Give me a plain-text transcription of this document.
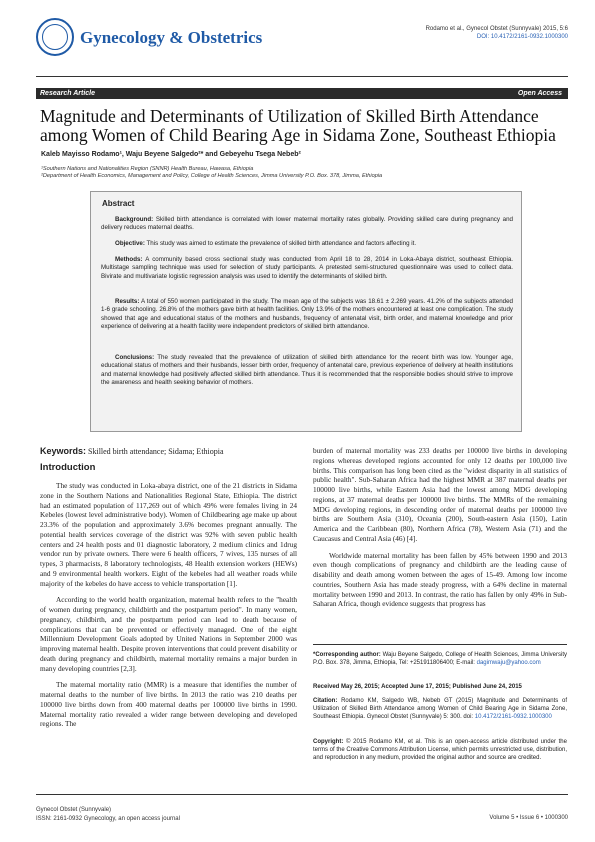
Gynecology & Obstetrics	Rodamo et al., Gynecol Obstet (Sunnyvale) 2015, 5:6
DOI: 10.4172/2161-0932.1000300
Research Article	Open Access
Magnitude and Determinants of Utilization of Skilled Birth Attendance among Women of Child Bearing Age in Sidama Zone, Southeast Ethiopia
Kaleb Mayisso Rodamo¹, Waju Beyene Salgedo²* and Gebeyehu Tsega Nebeb²
¹Southern Nations and Nationalities Region (SNNR) Health Bureau, Hawasa, Ethiopia
²Department of Health Economics, Management and Policy, College of Health Sciences, Jimma University P.O. Box. 378, Jimma, Ethiopia
Abstract

Background: Skilled birth attendance is correlated with lower maternal mortality rates globally. Providing skilled care during pregnancy and delivery reduces maternal deaths.

Objective: This study was aimed to estimate the prevalence of skilled birth attendance and factors affecting it.

Methods: A community based cross sectional study was conducted from April 18 to 28, 2014 in Loka-Abaya district, southeast Ethiopia. Multistage sampling technique was used for selection of study participants. A pretested semi-structured questionnaire was used to collect data. Bivirate and multivariate logistic regression analysis was used to identify the determinants of skilled birth.

Results: A total of 550 women participated in the study. The mean age of the subjects was 18.61 ± 2.269 years. 41.2% of the subjects attended 1-6 grade schooling. 26.8% of the mothers gave birth at health facilities. Only 13.9% of the mothers encountered at least one complication. The study showed that age and educational status of the mothers and husbands, frequency of antenatal visit, birth order, and maternal knowledge and prior experience of delivering at a health facility were independent predictors of skilled birth attendance.

Conclusions: The study revealed that the prevalence of utilization of skilled birth attendance for the recent birth was low. Younger age, educational status of mothers and their husbands, lesser birth order, frequency of antenatal care, previous experience of delivery at health institutions and maternal knowledge had positively affected skilled birth attendance. Thus it is recommended that the responsible bodies should strive to improve the awareness and health seeking behavior of mothers.

Keywords: Skilled birth attendance; Sidama; Ethiopia
Introduction

The study was conducted in Loka-abaya district, one of the 21 districts in Sidama zone in the Southern Nations and Nationalities Regional State, Ethiopia. The district had an estimated population of 117,269 out of which 49% were females living in 24 Kebeles (lowest level administrative body). Women of Childbearing age make up about 23.3% of the population and approximately 3.6% becomes pregnant annually. The potential health services coverage of the district was 92% with seven public health centers and 24 health posts and 01 diagnostic laboratory, 2 medium clinics and 1drug vendor run by private owners. There were 6 health officers, 7 wives, 135 nurses of all types, 3 pharmacists, 8 laboratory technologists, 48 Health extension workers (HEWs) and 9 environmental health workers. Eight of the kebeles had all weather roads while majority of the kebeles do have access to vehicle transportation [1].

According to the world health organization, maternal health refers to the "health of women during pregnancy, childbirth and the postpartum period". In many women, pregnancy, childbirth, and the postpartum period can lead to death because of complications that can be prevented or effectively managed. One of the eight Millennium Development Goals adopted by United Nations in September 2000 was improving maternal health. Despite proven interventions that could prevent disability or death during pregnancy and childbirth, maternal mortality remains a major burden in many developing countries [2,3].

The maternal mortality ratio (MMR) is a measure that identifies the number of maternal deaths to the number of live births. In 2013 the ratio was 210 deaths per 100000 live births down from 400 maternal deaths per 100000 live births in 1990. Maternal mortality ratio revealed a wider range between developing and developed regions. The

burden of maternal mortality was 233 deaths per 100000 live births in developing regions whereas developed regions accounted for only 12 deaths per 100,000 live births. This comparison has long been cited as the "widest disparity in all statistics of public health". Sub-Saharan Africa had the highest MMR at 387 maternal deaths per 100000 live births, while Eastern Asia had the lowest among MDG developing regions, at 37 maternal deaths per 100000 live births. The MMRs of the remaining MDG developing regions, in descending order of maternal deaths per 100000 live births are Southern Asia (310), Oceania (200), South-eastern Asia (150), Latin America and the Caribbean (80), Northern Africa (78), Western Asia (71) and the Caucasus and Central Asia (46) [4].

Worldwide maternal mortality has been fallen by 45% between 1990 and 2013 even though complications of pregnancy and childbirth are the leading cause of disability and death among women between the ages of 15-49. Among low income countries, Southern Asia has made steady progress, with a 64% decline in maternal mortality between 1990 and 2013. In contrast, the ratio has fallen by only 49% in Sub-Saharan Africa, though evidence suggests that progress has

*Corresponding author: Waju Beyene Salgedo, College of Health Sciences, Jimma University P.O. Box. 378, Jimma, Ethiopia, Tel: +251911806400; E-mail: dagimwaju@yahoo.com
Received May 26, 2015; Accepted June 17, 2015; Published June 24, 2015
Citation: Rodamo KM, Salgedo WB, Nebeb GT (2015) Magnitude and Determinants of Utilization of Skilled Birth Attendance among Women of Child Bearing Age in Sidama Zone, Southeast Ethiopia. Gynecol Obstet (Sunnyvale) 5: 300. doi: 10.4172/2161-0932.1000300
Copyright: © 2015 Rodamo KM, et al. This is an open-access article distributed under the terms of the Creative Commons Attribution License, which permits unrestricted use, distribution, and reproduction in any medium, provided the original author and source are credited.
Gynecol Obstet (Sunnyvale)
ISSN: 2161-0932 Gynecology, an open access journal	Volume 5 • Issue 6 • 1000300
